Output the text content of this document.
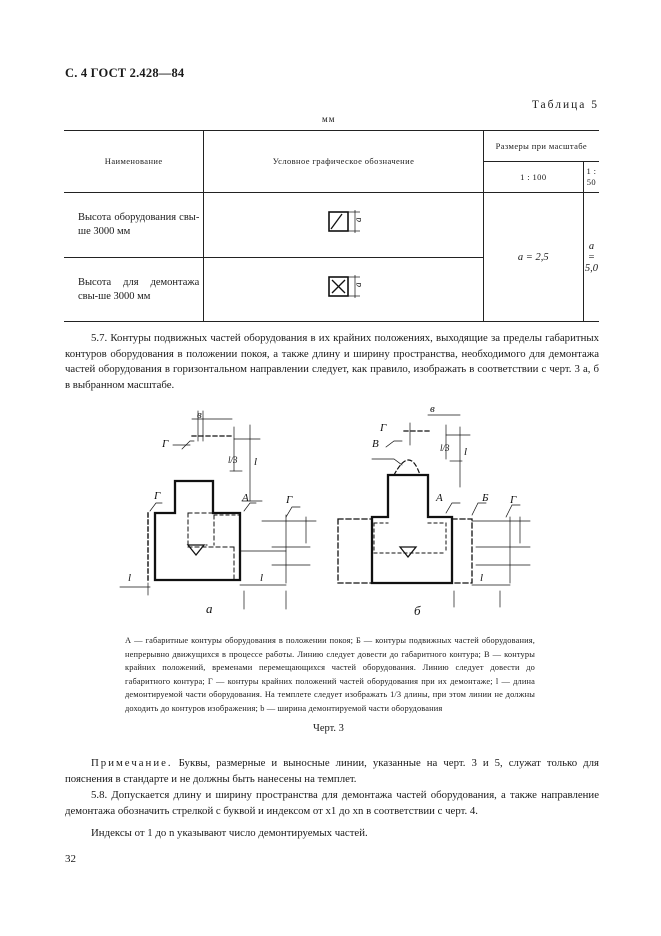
С. 4 ГОСТ 2.428—84
Таблица 5
мм
Наименование	Условное графическое обозначение	Размеры при масштабе	
		1 : 100	1 : 50
Высота оборудования свы-ше 3000 мм	a	a = 2,5	a = 5,0
Высота для демонтажа свы-ше 3000 мм	a		
5.7. Контуры подвижных частей оборудования в их крайних положениях, выходящие за пределы габаритных контуров оборудования в положении покоя, а также длину и ширину пространства, необходимого для демонтажа частей оборудования в горизонтальном направлении следует, как правило, изображать в соответствии с черт. 3 а, б в выбранном масштабе.
Г
Г	Г
А
в
l
l/3
l	l
а
Г
В
А	Б Г
в
l
l/3
l
б
А — габаритные контуры оборудования в положении покоя; Б — контуры подвижных частей оборудования, непрерывно движущихся в процессе работы. Линию следует довести до габаритного контура; В — контуры крайних положений, временами перемещающихся частей оборудования. Линию следует довести до габаритного контура; Г — контуры крайних положений частей оборудования при их демонтаже; l — длина демонтируемой части оборудования. На темплете следует изображать 1/3 длины, при этом линии не должны доходить до контуров изображения; b — ширина демонтируемой части оборудования
Черт. 3
Примечание. Буквы, размерные и выносные линии, указанные на черт. 3 и 5, служат только для пояснения в стандарте и не должны быть нанесены на темплет.
5.8. Допускается длину и ширину пространства для демонтажа частей оборудования, а также направление демонтажа обозначить стрелкой с буквой и индексом от x1 до xn в соответствии с черт. 4.
Индексы от 1 до n указывают число демонтируемых частей.
32
